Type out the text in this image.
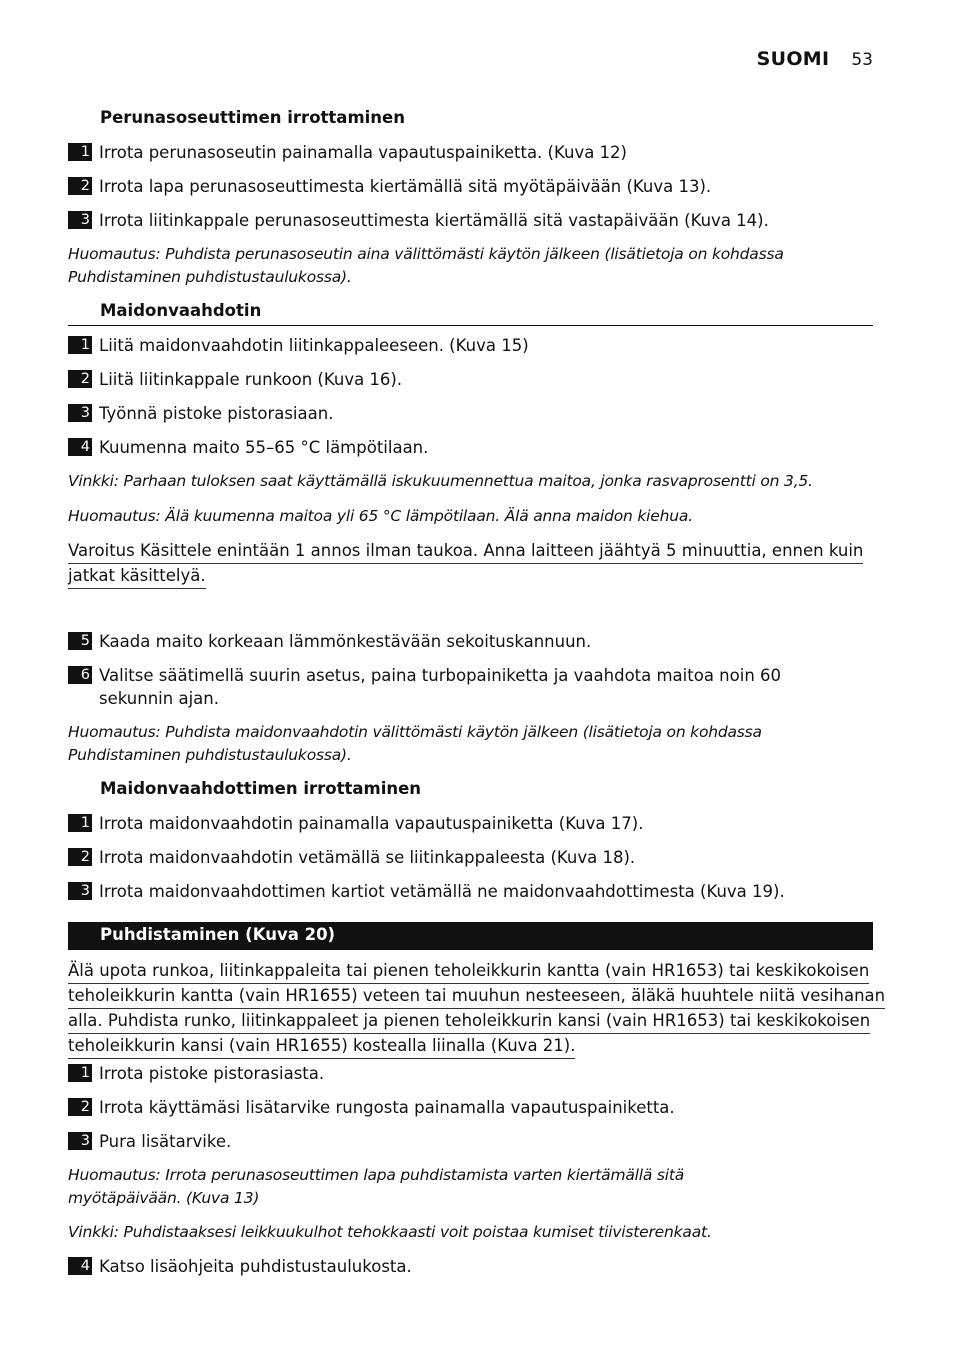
SUOMI 53
Perunasoseuttimen irrottaminen
1 Irrota perunasoseutin painamalla vapautuspainiketta. (Kuva 12)
2 Irrota lapa perunasoseuttimesta kiertämällä sitä myötäpäivään (Kuva 13).
3 Irrota liitinkappale perunasoseuttimesta kiertämällä sitä vastapäivään (Kuva 14).
Huomautus: Puhdista perunasoseutin aina välittömästi käytön jälkeen (lisätietoja on kohdassa
Puhdistaminen puhdistustaulukossa).
Maidonvaahdotin
1 Liitä maidonvaahdotin liitinkappaleeseen. (Kuva 15)
2 Liitä liitinkappale runkoon (Kuva 16).
3 Työnnä pistoke pistorasiaan.
4 Kuumenna maito 55–65 °C lämpötilaan.
Vinkki: Parhaan tuloksen saat käyttämällä iskukuumennettua maitoa, jonka rasvaprosentti on 3,5.
Huomautus: Älä kuumenna maitoa yli 65 °C lämpötilaan. Älä anna maidon kiehua.
Varoitus Käsittele enintään 1 annos ilman taukoa. Anna laitteen jäähtyä 5 minuuttia, ennen kuin
jatkat käsittelyä.
5 Kaada maito korkeaan lämmönkestävään sekoituskannuun.
6 Valitse säätimellä suurin asetus, paina turbopainiketta ja vaahdota maitoa noin 60 sekunnin ajan.
Huomautus: Puhdista maidonvaahdotin välittömästi käytön jälkeen (lisätietoja on kohdassa
Puhdistaminen puhdistustaulukossa).
Maidonvaahdottimen irrottaminen
1 Irrota maidonvaahdotin painamalla vapautuspainiketta (Kuva 17).
2 Irrota maidonvaahdotin vetämällä se liitinkappaleesta (Kuva 18).
3 Irrota maidonvaahdottimen kartiot vetämällä ne maidonvaahdottimesta (Kuva 19).
Puhdistaminen (Kuva 20)
Älä upota runkoa, liitinkappaleita tai pienen teholeikkurin kantta (vain HR1653) tai keskikokoisen
teholeikkurin kantta (vain HR1655) veteen tai muuhun nesteeseen, äläkä huuhtele niitä vesihanan
alla. Puhdista runko, liitinkappaleet ja pienen teholeikkurin kansi (vain HR1653) tai keskikokoisen
teholeikkurin kansi (vain HR1655) kostealla liinalla (Kuva 21).
1 Irrota pistoke pistorasiasta.
2 Irrota käyttämäsi lisätarvike rungosta painamalla vapautuspainiketta.
3 Pura lisätarvike.
Huomautus: Irrota perunasoseuttimen lapa puhdistamista varten kiertämällä sitä
myötäpäivään. (Kuva 13)
Vinkki: Puhdistaaksesi leikkuukulhot tehokkaasti voit poistaa kumiset tiivisterenkaat.
4 Katso lisäohjeita puhdistustaulukosta.
